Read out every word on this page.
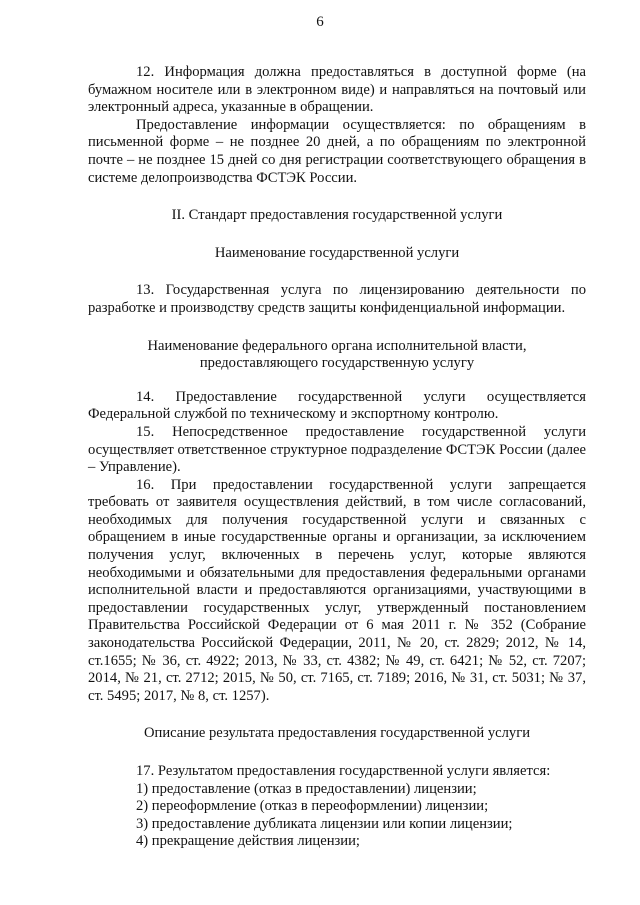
6

12. Информация должна предоставляться в доступной форме (на бумажном носителе или в электронном виде) и направляться на почтовый или электронный адреса, указанные в обращении.

Предоставление информации осуществляется: по обращениям в письменной форме – не позднее 20 дней, а по обращениям по электронной почте – не позднее 15 дней со дня регистрации соответствующего обращения в системе делопроизводства ФСТЭК России.

II. Стандарт предоставления государственной услуги

Наименование государственной услуги

13. Государственная услуга по лицензированию деятельности по разработке и производству средств защиты конфиденциальной информации.

Наименование федерального органа исполнительной власти,

предоставляющего государственную услугу

14. Предоставление государственной услуги осуществляется Федеральной службой по техническому и экспортному контролю.

15. Непосредственное предоставление государственной услуги осуществляет ответственное структурное подразделение ФСТЭК России (далее – Управление).

16. При предоставлении государственной услуги запрещается требовать от заявителя осуществления действий, в том числе согласований, необходимых для получения государственной услуги и связанных с обращением в иные государственные органы и организации, за исключением получения услуг, включенных в перечень услуг, которые являются необходимыми и обязательными для предоставления федеральными органами исполнительной власти и предоставляются организациями, участвующими в предоставлении государственных услуг, утвержденный постановлением Правительства Российской Федерации от 6 мая 2011 г. № 352 (Собрание законодательства Российской Федерации, 2011, № 20, ст. 2829; 2012, № 14, ст.1655; № 36, ст. 4922; 2013, № 33, ст. 4382; № 49, ст. 6421; № 52, ст. 7207; 2014, № 21, ст. 2712; 2015, № 50, ст. 7165, ст. 7189; 2016, № 31, ст. 5031; № 37, ст. 5495; 2017, № 8, ст. 1257).

Описание результата предоставления государственной услуги

17. Результатом предоставления государственной услуги является:

1) предоставление (отказ в предоставлении) лицензии;

2) переоформление (отказ в переоформлении) лицензии;

3) предоставление дубликата лицензии или копии лицензии;

4) прекращение действия лицензии;
